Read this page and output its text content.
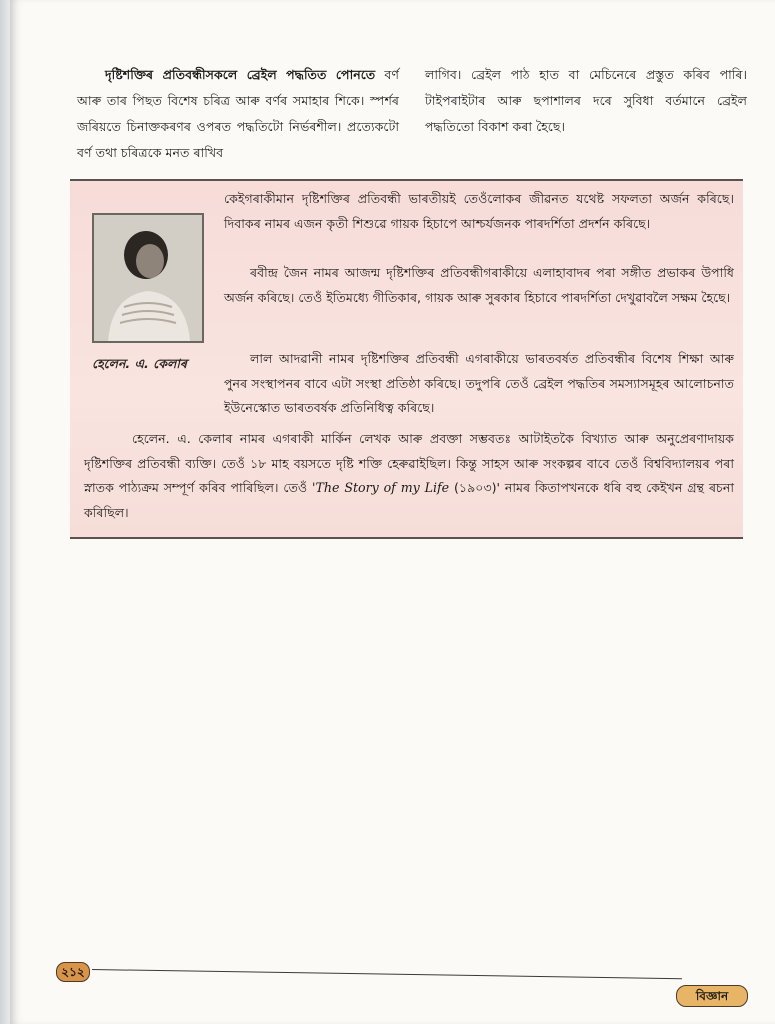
দৃষ্টিশক্তিৰ প্ৰতিবন্ধীসকলে ব্ৰেইল পদ্ধতিত পোনতে বৰ্ণ আৰু তাৰ পিছত বিশেষ চৰিত্ৰ আৰু বৰ্ণৰ সমাহাৰ শিকে। স্পৰ্শৰ জৰিয়তে চিনাক্তকৰণৰ ওপৰত পদ্ধতিটো নিৰ্ভৰশীল। প্ৰত্যেকটো বৰ্ণ তথা চৰিত্ৰকে মনত ৰাখিব
লাগিব। ব্ৰেইল পাঠ হাত বা মেচিনেৰে প্ৰস্তুত কৰিব পাৰি। টাইপৰাইটাৰ আৰু ছপাশালৰ দৰে সুবিধা বৰ্তমানে ব্ৰেইল পদ্ধতিতো বিকাশ কৰা হৈছে।
হেলেন. এ. কেলাৰ

কেইগৰাকীমান দৃষ্টিশক্তিৰ প্ৰতিবন্ধী ভাৰতীয়ই তেওঁলোকৰ জীৱনত যথেষ্ট সফলতা অৰ্জন কৰিছে। দিবাকৰ নামৰ এজন কৃতী শিশুৱে গায়ক হিচাপে আশ্চৰ্যজনক পাৰদৰ্শিতা প্ৰদৰ্শন কৰিছে।

ৰবীন্দ্ৰ জৈন নামৰ আজন্ম দৃষ্টিশক্তিৰ প্ৰতিবন্ধীগৰাকীয়ে এলাহাবাদৰ পৰা সঙ্গীত প্ৰভাকৰ উপাধি অৰ্জন কৰিছে। তেওঁ ইতিমধ্যে গীতিকাৰ, গায়ক আৰু সুৰকাৰ হিচাবে পাৰদৰ্শিতা দেখুৱাবলৈ সক্ষম হৈছে।

লাল আদৱানী নামৰ দৃষ্টিশক্তিৰ প্ৰতিবন্ধী এগৰাকীয়ে ভাৰতবৰ্ষত প্ৰতিবন্ধীৰ বিশেষ শিক্ষা আৰু পুনৰ সংস্থাপনৰ বাবে এটা সংস্থা প্ৰতিষ্ঠা কৰিছে। তদুপৰি তেওঁ ব্ৰেইল পদ্ধতিৰ সমস্যাসমূহৰ আলোচনাত ইউনেস্কোত ভাৰতবৰ্ষক প্ৰতিনিধিত্ব কৰিছে।

হেলেন. এ. কেলাৰ নামৰ এগৰাকী মাৰ্কিন লেখক আৰু প্ৰবক্তা সম্ভবতঃ আটাইতকৈ বিখ্যাত আৰু অনুপ্ৰেৰণাদায়ক দৃষ্টিশক্তিৰ প্ৰতিবন্ধী ব্যক্তি। তেওঁ ১৮ মাহ বয়সতে দৃষ্টি শক্তি হেৰুৱাইছিল। কিন্তু সাহস আৰু সংকল্পৰ বাবে তেওঁ বিশ্ববিদ্যালয়ৰ পৰা স্নাতক পাঠ্যক্ৰম সম্পূৰ্ণ কৰিব পাৰিছিল। তেওঁ 'The Story of my Life (১৯০৩)' নামৰ কিতাপখনকে ধৰি বহু কেইখন গ্ৰন্থ ৰচনা কৰিছিল।

২১২
বিজ্ঞান
